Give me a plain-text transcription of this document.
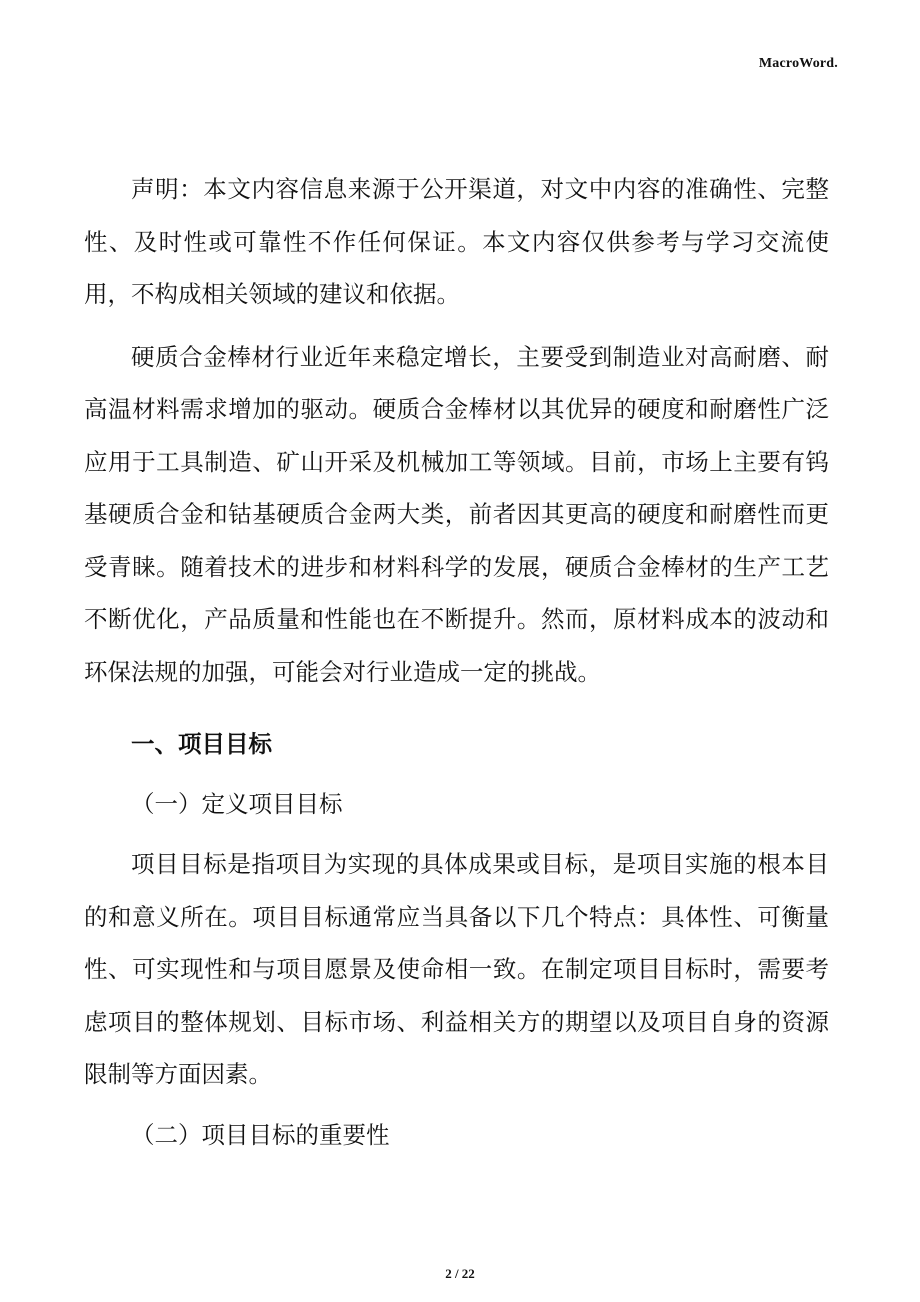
MacroWord.

声明：本文内容信息来源于公开渠道，对文中内容的准确性、完整性、及时性或可靠性不作任何保证。本文内容仅供参考与学习交流使用，不构成相关领域的建议和依据。

硬质合金棒材行业近年来稳定增长，主要受到制造业对高耐磨、耐高温材料需求增加的驱动。硬质合金棒材以其优异的硬度和耐磨性广泛应用于工具制造、矿山开采及机械加工等领域。目前，市场上主要有钨基硬质合金和钴基硬质合金两大类，前者因其更高的硬度和耐磨性而更受青睐。随着技术的进步和材料科学的发展，硬质合金棒材的生产工艺不断优化，产品质量和性能也在不断提升。然而，原材料成本的波动和环保法规的加强，可能会对行业造成一定的挑战。

一、项目目标
（一）定义项目目标

项目目标是指项目为实现的具体成果或目标，是项目实施的根本目的和意义所在。项目目标通常应当具备以下几个特点：具体性、可衡量性、可实现性和与项目愿景及使命相一致。在制定项目目标时，需要考虑项目的整体规划、目标市场、利益相关方的期望以及项目自身的资源限制等方面因素。

（二）项目目标的重要性
2 / 22
